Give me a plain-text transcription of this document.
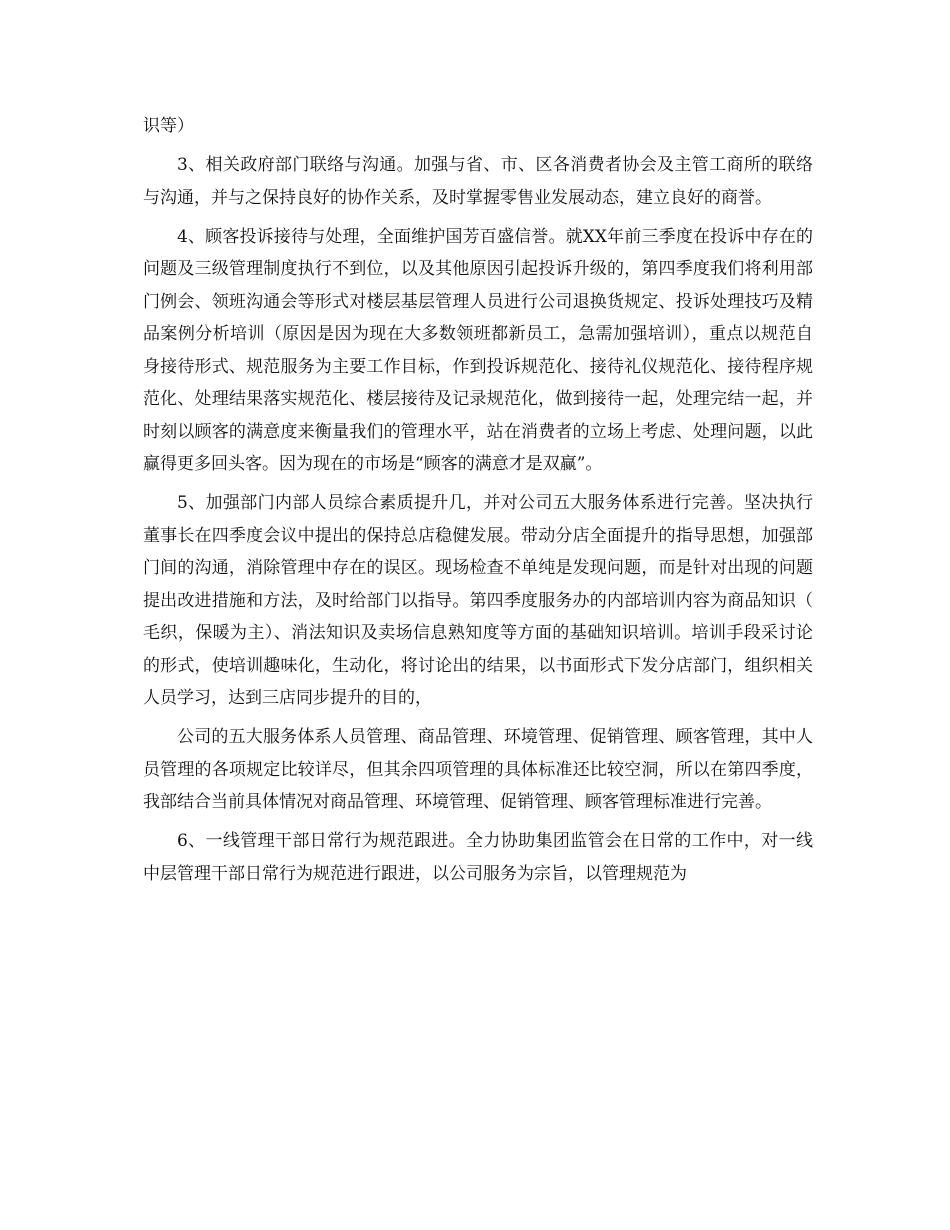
识等）

3、相关政府部门联络与沟通。加强与省、市、区各消费者协会及主管工商所的联络与沟通，并与之保持良好的协作关系，及时掌握零售业发展动态，建立良好的商誉。

4、顾客投诉接待与处理，全面维护国芳百盛信誉。就XX年前三季度在投诉中存在的问题及三级管理制度执行不到位，以及其他原因引起投诉升级的，第四季度我们将利用部门例会、领班沟通会等形式对楼层基层管理人员进行公司退换货规定、投诉处理技巧及精品案例分析培训（原因是因为现在大多数领班都新员工，急需加强培训），重点以规范自身接待形式、规范服务为主要工作目标，作到投诉规范化、接待礼仪规范化、接待程序规范化、处理结果落实规范化、楼层接待及记录规范化，做到接待一起，处理完结一起，并时刻以顾客的满意度来衡量我们的管理水平，站在消费者的立场上考虑、处理问题，以此赢得更多回头客。因为现在的市场是“顾客的满意才是双赢”。

5、加强部门内部人员综合素质提升几，并对公司五大服务体系进行完善。坚决执行董事长在四季度会议中提出的保持总店稳健发展。带动分店全面提升的指导思想，加强部门间的沟通，消除管理中存在的误区。现场检查不单纯是发现问题，而是针对出现的问题提出改进措施和方法，及时给部门以指导。第四季度服务办的内部培训内容为商品知识（毛织，保暖为主）、消法知识及卖场信息熟知度等方面的基础知识培训。培训手段采讨论的形式，使培训趣味化，生动化，将讨论出的结果，以书面形式下发分店部门，组织相关人员学习，达到三店同步提升的目的，

公司的五大服务体系人员管理、商品管理、环境管理、促销管理、顾客管理，其中人员管理的各项规定比较详尽，但其余四项管理的具体标准还比较空洞，所以在第四季度，我部结合当前具体情况对商品管理、环境管理、促销管理、顾客管理标准进行完善。

6、一线管理干部日常行为规范跟进。全力协助集团监管会在日常的工作中，对一线中层管理干部日常行为规范进行跟进，以公司服务为宗旨，以管理规范为
